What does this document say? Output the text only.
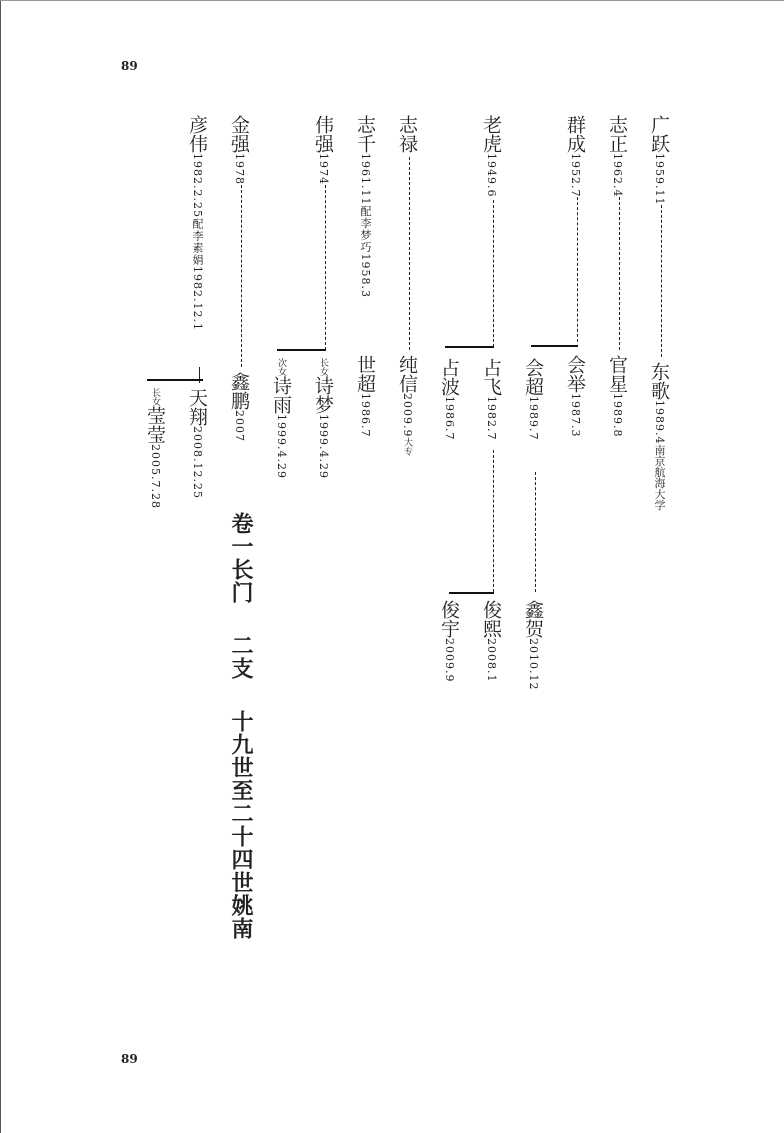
89
89
广跃1959.11
志正1962.4
群成1952.7
老虎1949.6
志禄
志千1961.11配李梦巧1958.3
伟强1974
金强1978
彦伟1982.2.25配李素娟1982.12.1
东歌1989.4南京航海大学
官星1989.8
会举1987.3
会超1989.7
占飞1982.7
占波1986.7
纯信2009.9大专
世超1986.7
长女诗梦1999.4.29
次女诗雨1999.4.29
鑫鹏2007
天翔2008.12.25
长女莹莹2005.7.28
鑫贺2010.12
俊熙2008.1
俊宇2009.9
卷一长门二支十九世至二十四世姚南
